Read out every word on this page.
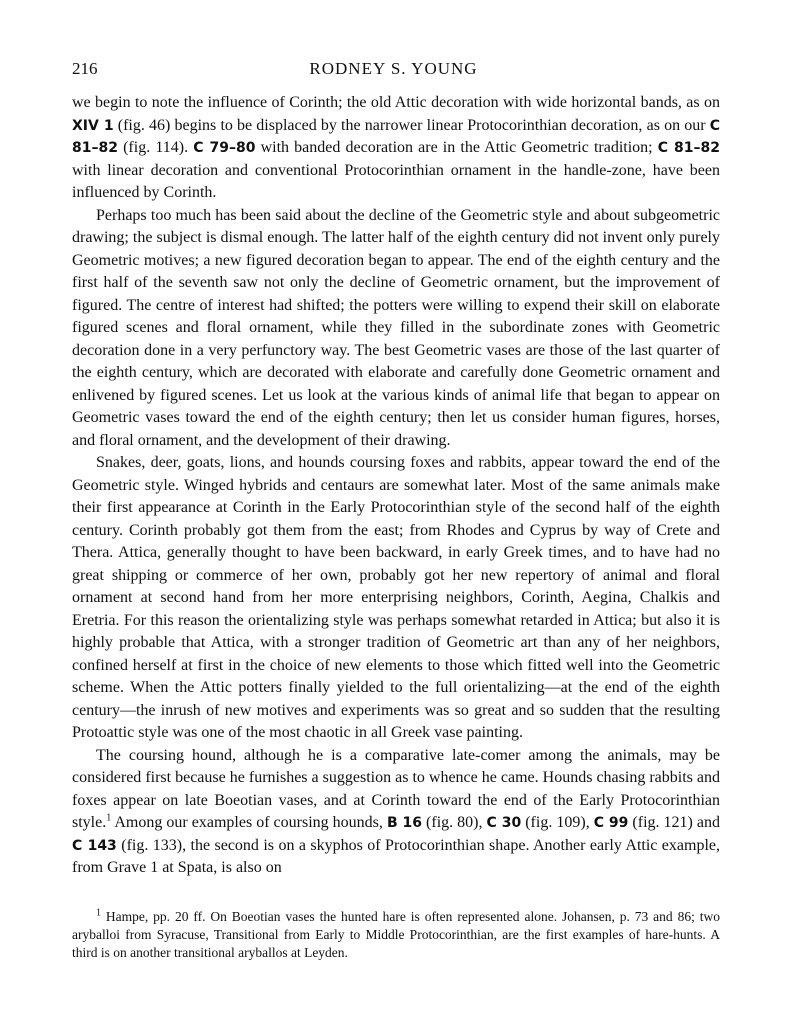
216	RODNEY S. YOUNG

we begin to note the influence of Corinth; the old Attic decoration with wide horizontal bands, as on XIV 1 (fig. 46) begins to be displaced by the narrower linear Protocorinthian decoration, as on our C 81–82 (fig. 114). C 79–80 with banded decoration are in the Attic Geometric tradition; C 81–82 with linear decoration and conventional Protocorinthian ornament in the handle-zone, have been influenced by Corinth.

Perhaps too much has been said about the decline of the Geometric style and about subgeometric drawing; the subject is dismal enough. The latter half of the eighth century did not invent only purely Geometric motives; a new figured decoration began to appear. The end of the eighth century and the first half of the seventh saw not only the decline of Geometric ornament, but the improvement of figured. The centre of interest had shifted; the potters were willing to expend their skill on elaborate figured scenes and floral ornament, while they filled in the subordinate zones with Geometric decoration done in a very perfunctory way. The best Geometric vases are those of the last quarter of the eighth century, which are decorated with elaborate and carefully done Geometric ornament and enlivened by figured scenes. Let us look at the various kinds of animal life that began to appear on Geometric vases toward the end of the eighth century; then let us consider human figures, horses, and floral ornament, and the development of their drawing.

Snakes, deer, goats, lions, and hounds coursing foxes and rabbits, appear toward the end of the Geometric style. Winged hybrids and centaurs are somewhat later. Most of the same animals make their first appearance at Corinth in the Early Protocorinthian style of the second half of the eighth century. Corinth probably got them from the east; from Rhodes and Cyprus by way of Crete and Thera. Attica, generally thought to have been backward, in early Greek times, and to have had no great shipping or commerce of her own, probably got her new repertory of animal and floral ornament at second hand from her more enterprising neighbors, Corinth, Aegina, Chalkis and Eretria. For this reason the orientalizing style was perhaps somewhat retarded in Attica; but also it is highly probable that Attica, with a stronger tradition of Geometric art than any of her neighbors, confined herself at first in the choice of new elements to those which fitted well into the Geometric scheme. When the Attic potters finally yielded to the full orientalizing—at the end of the eighth century—the inrush of new motives and experiments was so great and so sudden that the resulting Protoattic style was one of the most chaotic in all Greek vase painting.

The coursing hound, although he is a comparative late-comer among the animals, may be considered first because he furnishes a suggestion as to whence he came. Hounds chasing rabbits and foxes appear on late Boeotian vases, and at Corinth toward the end of the Early Protocorinthian style.$^1$ Among our examples of coursing hounds, B 16 (fig. 80), C 30 (fig. 109), C 99 (fig. 121) and C 143 (fig. 133), the second is on a skyphos of Protocorinthian shape. Another early Attic example, from Grave 1 at Spata, is also on

$^1$ Hampe, pp. 20 ff. On Boeotian vases the hunted hare is often represented alone. Johansen, p. 73 and 86; two aryballoi from Syracuse, Transitional from Early to Middle Protocorinthian, are the first examples of hare-hunts. A third is on another transitional aryballos at Leyden.
